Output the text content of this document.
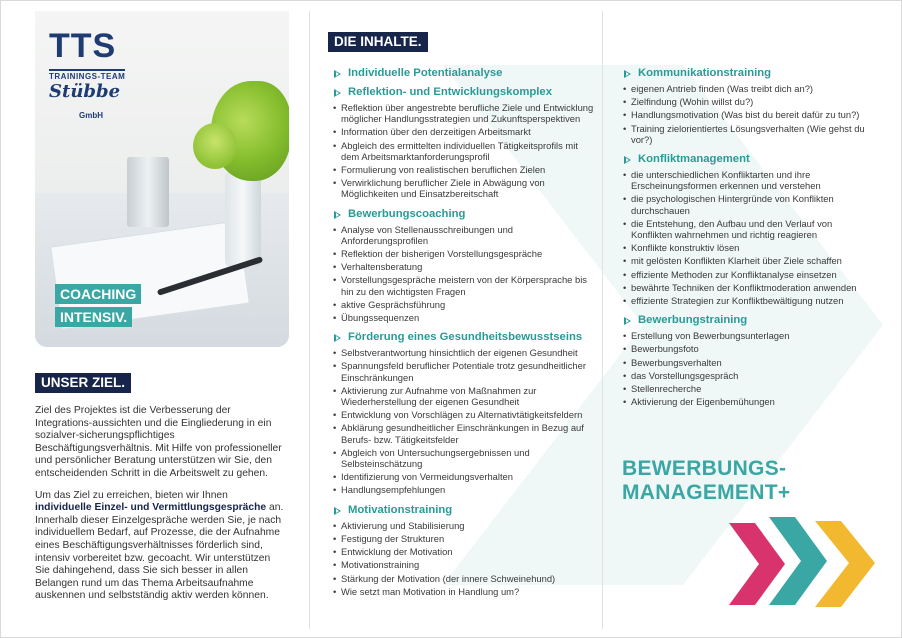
TTS
TRAININGS-TEAM
Stübbe
GmbH
COACHING
INTENSIV.
UNSER ZIEL.

Ziel des Projektes ist die Verbesserung der Integrations-aussichten und die Eingliederung in ein sozialver-sicherungspflichtiges Beschäftigungsverhältnis. Mit Hilfe von professioneller und persönlicher Beratung unterstützen wir Sie, den entscheidenden Schritt in die Arbeitswelt zu gehen.

Um das Ziel zu erreichen, bieten wir Ihnen individuelle Einzel- und Vermittlungsgespräche an. Innerhalb dieser Einzelgespräche werden Sie, je nach individuellem Bedarf, auf Prozesse, die der Aufnahme eines Beschäftigungsverhältnisses förderlich sind, intensiv vorbereitet bzw. gecoacht. Wir unterstützen Sie dahingehend, dass Sie sich besser in allen Belangen rund um das Thema Arbeitsaufnahme auskennen und selbstständig aktiv werden können.

DIE INHALTE.
Individuelle Potentialanalyse
Reflektion- und Entwicklungskomplex
• Reflektion über angestrebte berufliche Ziele und Entwicklung möglicher Handlungsstrategien und Zukunftsperspektiven
• Information über den derzeitigen Arbeitsmarkt
• Abgleich des ermittelten individuellen Tätigkeitsprofils mit dem Arbeitsmarktanforderungsprofil
• Formulierung von realistischen beruflichen Zielen
• Verwirklichung beruflicher Ziele in Abwägung von Möglichkeiten und Einsatzbereitschaft
Bewerbungscoaching
• Analyse von Stellenausschreibungen und Anforderungsprofilen
• Reflektion der bisherigen Vorstellungsgespräche
• Verhaltensberatung
• Vorstellungsgespräche meistern von der Körpersprache bis hin zu den wichtigsten Fragen
• aktive Gesprächsführung
• Übungssequenzen
Förderung eines Gesundheitsbewusstseins
• Selbstverantwortung hinsichtlich der eigenen Gesundheit
• Spannungsfeld beruflicher Potentiale trotz gesundheitlicher Einschränkungen
• Aktivierung zur Aufnahme von Maßnahmen zur Wiederherstellung der eigenen Gesundheit
• Entwicklung von Vorschlägen zu Alternativtätigkeitsfeldern
• Abklärung gesundheitlicher Einschränkungen in Bezug auf Berufs- bzw. Tätigkeitsfelder
• Abgleich von Untersuchungsergebnissen und Selbsteinschätzung
• Identifizierung von Vermeidungsverhalten
• Handlungsempfehlungen
Motivationstraining
• Aktivierung und Stabilisierung
• Festigung der Strukturen
• Entwicklung der Motivation
• Motivationstraining
• Stärkung der Motivation (der innere Schweinehund)
• Wie setzt man Motivation in Handlung um?
Kommunikationstraining
• eigenen Antrieb finden (Was treibt dich an?)
• Zielfindung (Wohin willst du?)
• Handlungsmotivation (Was bist du bereit dafür zu tun?)
• Training zielorientiertes Lösungsverhalten (Wie gehst du vor?)
Konfliktmanagement
• die unterschiedlichen Konfliktarten und ihre Erscheinungsformen erkennen und verstehen
• die psychologischen Hintergründe von Konflikten durchschauen
• die Entstehung, den Aufbau und den Verlauf von Konflikten wahrnehmen und richtig reagieren
• Konflikte konstruktiv lösen
• mit gelösten Konflikten Klarheit über Ziele schaffen
• effiziente Methoden zur Konfliktanalyse einsetzen
• bewährte Techniken der Konfliktmoderation anwenden
• effiziente Strategien zur Konfliktbewältigung nutzen
Bewerbungstraining
• Erstellung von Bewerbungsunterlagen
• Bewerbungsfoto
• Bewerbungsverhalten
• das Vorstellungsgespräch
• Stellenrecherche
• Aktivierung der Eigenbemühungen
BEWERBUNGS-
MANAGEMENT+
MB
